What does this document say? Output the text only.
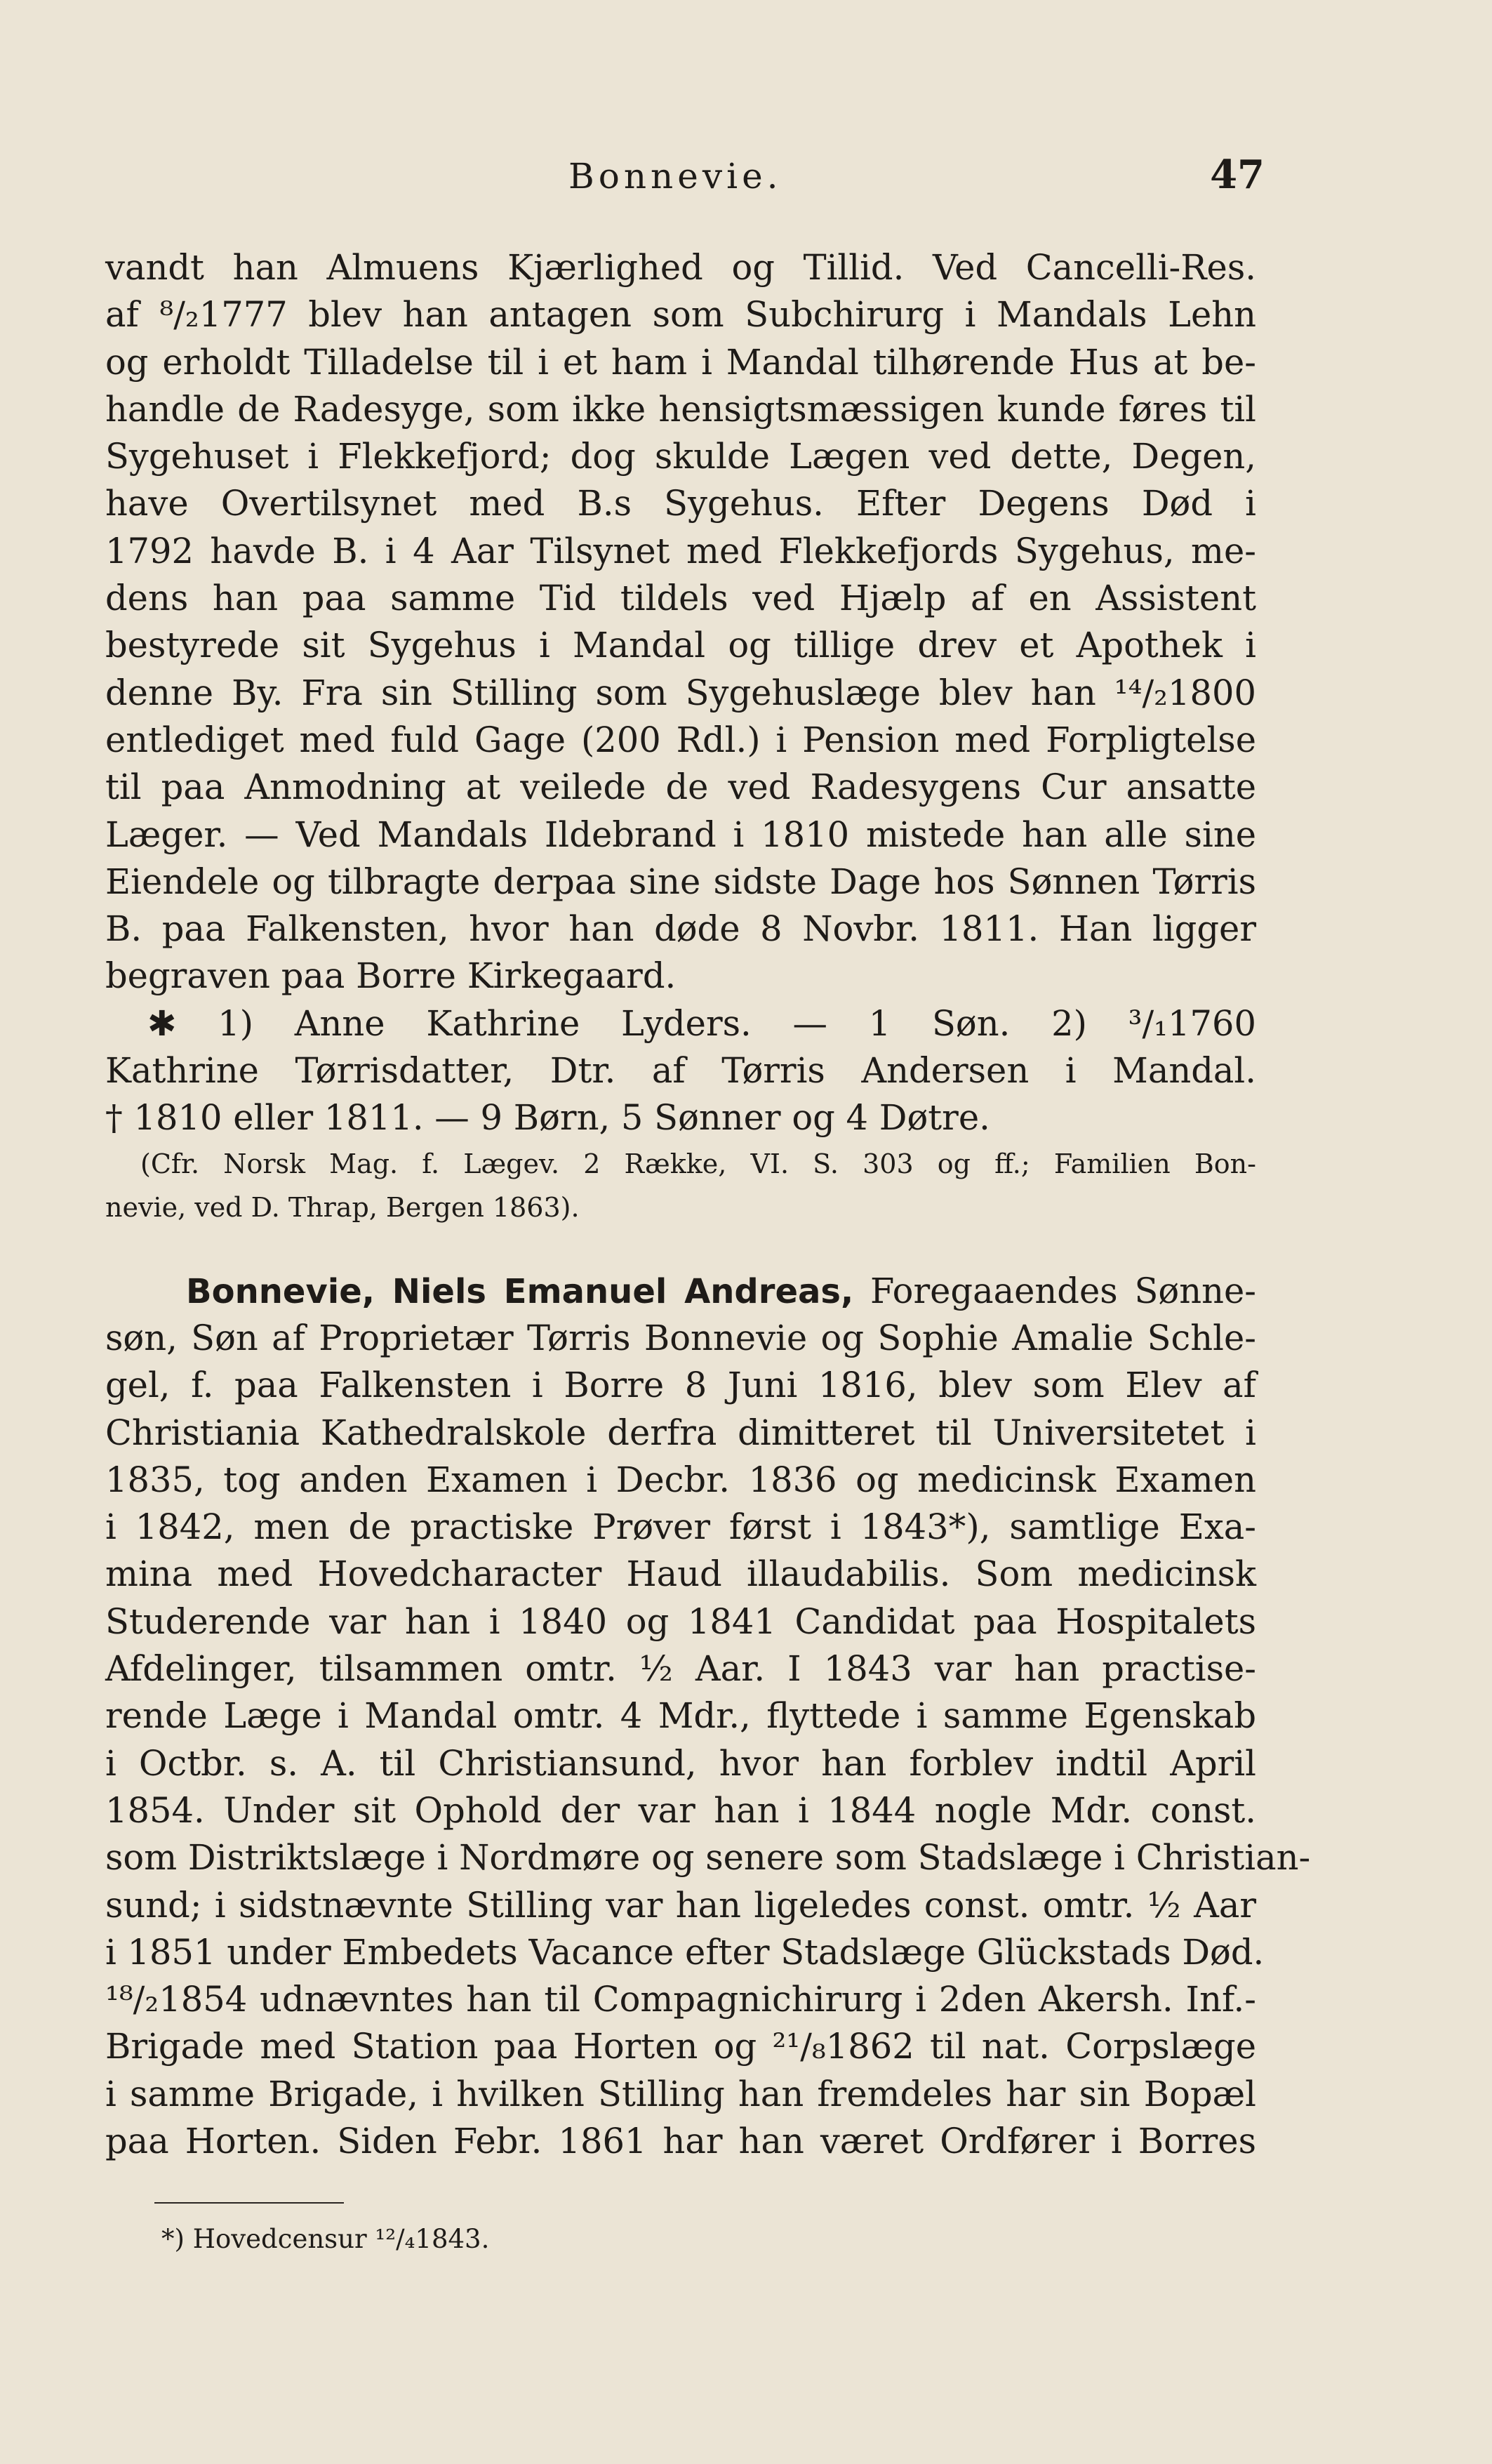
Bonnevie.	47
vandt han Almuens Kjærlighed og Tillid. Ved Cancelli-Res.
af ⁸/₂1777 blev han antagen som Subchirurg i Mandals Lehn
og erholdt Tilladelse til i et ham i Mandal tilhørende Hus at be-
handle de Radesyge, som ikke hensigtsmæssigen kunde føres til
Sygehuset i Flekkefjord; dog skulde Lægen ved dette, Degen,
have Overtilsynet med B.s Sygehus. Efter Degens Død i
1792 havde B. i 4 Aar Tilsynet med Flekkefjords Sygehus, me-
dens han paa samme Tid tildels ved Hjælp af en Assistent
bestyrede sit Sygehus i Mandal og tillige drev et Apothek i
denne By. Fra sin Stilling som Sygehuslæge blev han ¹⁴/₂1800
entlediget med fuld Gage (200 Rdl.) i Pension med Forpligtelse
til paa Anmodning at veilede de ved Radesygens Cur ansatte
Læger. — Ved Mandals Ildebrand i 1810 mistede han alle sine
Eiendele og tilbragte derpaa sine sidste Dage hos Sønnen Tørris
B. paa Falkensten, hvor han døde 8 Novbr. 1811. Han ligger
begraven paa Borre Kirkegaard.
✱ 1) Anne Kathrine Lyders. — 1 Søn. 2) ³/₁1760
Kathrine Tørrisdatter, Dtr. af Tørris Andersen i Mandal.
† 1810 eller 1811. — 9 Børn, 5 Sønner og 4 Døtre.
(Cfr. Norsk Mag. f. Lægev. 2 Række, VI. S. 303 og ff.; Familien Bon-
nevie, ved D. Thrap, Bergen 1863).
Bonnevie, Niels Emanuel Andreas, Foregaaendes Sønne-
søn, Søn af Proprietær Tørris Bonnevie og Sophie Amalie Schle-
gel, f. paa Falkensten i Borre 8 Juni 1816, blev som Elev af
Christiania Kathedralskole derfra dimitteret til Universitetet i
1835, tog anden Examen i Decbr. 1836 og medicinsk Examen
i 1842, men de practiske Prøver først i 1843*), samtlige Exa-
mina med Hovedcharacter Haud illaudabilis. Som medicinsk
Studerende var han i 1840 og 1841 Candidat paa Hospitalets
Afdelinger, tilsammen omtr. ½ Aar. I 1843 var han practise-
rende Læge i Mandal omtr. 4 Mdr., flyttede i samme Egenskab
i Octbr. s. A. til Christiansund, hvor han forblev indtil April
1854. Under sit Ophold der var han i 1844 nogle Mdr. const.
som Distriktslæge i Nordmøre og senere som Stadslæge i Christian-
sund; i sidstnævnte Stilling var han ligeledes const. omtr. ½ Aar
i 1851 under Embedets Vacance efter Stadslæge Glückstads Død.
¹⁸/₂1854 udnævntes han til Compagnichirurg i 2den Akersh. Inf.-
Brigade med Station paa Horten og ²¹/₈1862 til nat. Corpslæge
i samme Brigade, i hvilken Stilling han fremdeles har sin Bopæl
paa Horten. Siden Febr. 1861 har han været Ordfører i Borres
*) Hovedcensur ¹²/₄1843.
